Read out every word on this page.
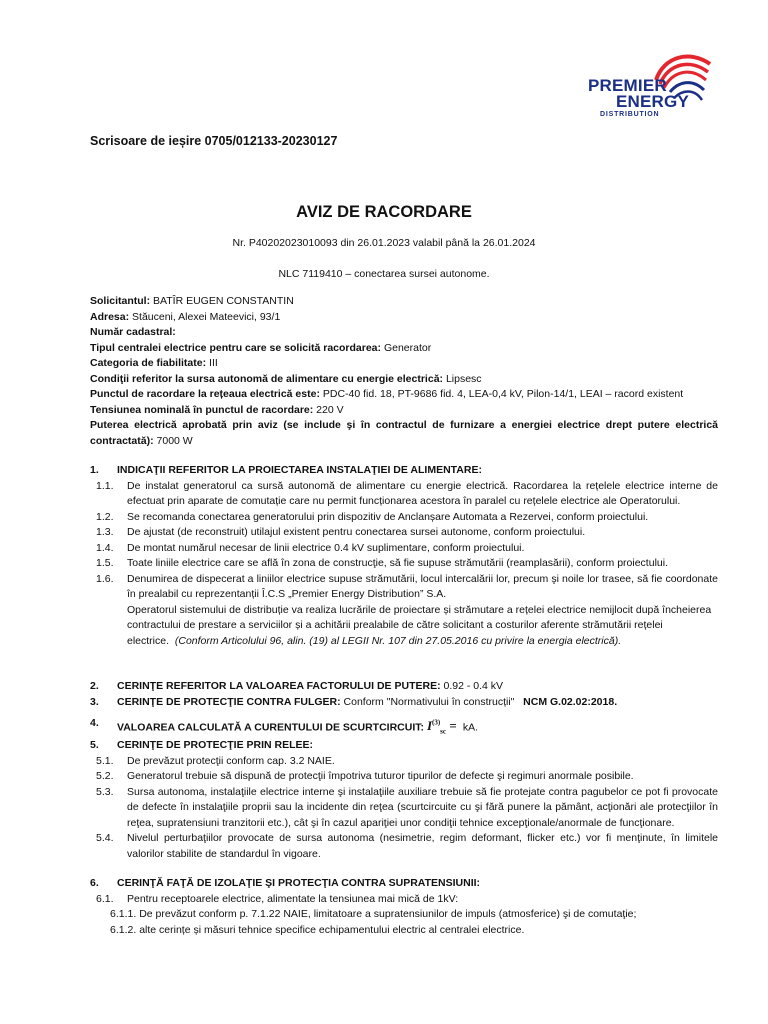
PREMIER
ENERGY
DISTRIBUTION
Scrisoare de ieșire 0705/012133-20230127
AVIZ DE RACORDARE
Nr. P40202023010093 din 26.01.2023 valabil până la 26.01.2024
NLC 7119410 – conectarea sursei autonome.

Solicitantul: BATÎR EUGEN CONSTANTIN

Adresa: Stăuceni, Alexei Mateevici, 93/1

Număr cadastral:

Tipul centralei electrice pentru care se solicită racordarea: Generator

Categoria de fiabilitate: III

Condiţii referitor la sursa autonomă de alimentare cu energie electrică: Lipsesc

Punctul de racordare la rețeaua electrică este: PDC-40 fid. 18, PT-9686 fid. 4, LEA-0,4 kV, Pilon-14/1, LEAI – racord existent

Tensiunea nominală în punctul de racordare: 220 V

Puterea electrică aprobată prin aviz (se include şi în contractul de furnizare a energiei electrice drept putere electrică contractată): 7000 W

1. INDICAŢII REFERITOR LA PROIECTAREA INSTALAŢIEI DE ALIMENTARE:

1.1. De instalat generatorul ca sursă autonomă de alimentare cu energie electrică. Racordarea la rețelele electrice interne de efectuat prin aparate de comutație care nu permit funcționarea acestora în paralel cu rețelele electrice ale Operatorului.

1.2. Se recomanda conectarea generatorului prin dispozitiv de Anclanșare Automata a Rezervei, conform proiectului.

1.3. De ajustat (de reconstruit) utilajul existent pentru conectarea sursei autonome, conform proiectului.

1.4. De montat numărul necesar de linii electrice 0.4 kV suplimentare, conform proiectului.

1.5. Toate liniile electrice care se află în zona de construcţie, să fie supuse strămutării (reamplasării), conform proiectului.

1.6. Denumirea de dispecerat a liniilor electrice supuse strămutării, locul intercalării lor, precum şi noile lor trasee, să fie coordonate în prealabil cu reprezentanții Î.C.S „Premier Energy Distribution” S.A.

Operatorul sistemului de distribuție va realiza lucrările de proiectare și strămutare a rețelei electrice nemijlocit după încheierea contractului de prestare a serviciilor și a achitării prealabile de către solicitant a costurilor aferente strămutării rețelei electrice. (Conform Articolului 96, alin. (19) al LEGII Nr. 107 din 27.05.2016 cu privire la energia electrică).

2. CERINŢE REFERITOR LA VALOAREA FACTORULUI DE PUTERE: 0.92 - 0.4 kV

3. CERINŢE DE PROTECŢIE CONTRA FULGER: Conform "Normativului în construcții" NCM G.02.02:2018.

4. VALOAREA CALCULATĂ A CURENTULUI DE SCURTCIRCUIT: $I^{(3)}_{sc}$ =  kA.

5. CERINŢE DE PROTECŢIE PRIN RELEE:

5.1. De prevăzut protecţii conform cap. 3.2 NAIE.

5.2. Generatorul trebuie să dispună de protecţii împotriva tuturor tipurilor de defecte şi regimuri anormale posibile.

5.3. Sursa autonoma, instalaţiile electrice interne şi instalaţiile auxiliare trebuie să fie protejate contra pagubelor ce pot fi provocate de defecte în instalaţiile proprii sau la incidente din reţea (scurtcircuite cu şi fără punere la pământ, acţionări ale protecţiilor în reţea, supratensiuni tranzitorii etc.), cât şi în cazul apariţiei unor condiţii tehnice excepţionale/anormale de funcţionare.

5.4. Nivelul perturbaţiilor provocate de sursa autonoma (nesimetrie, regim deformant, flicker etc.) vor fi menţinute, în limitele valorilor stabilite de standardul în vigoare.

6. CERINŢĂ FAŢĂ DE IZOLAŢIE ŞI PROTECŢIA CONTRA SUPRATENSIUNII:

6.1. Pentru receptoarele electrice, alimentate la tensiunea mai mică de 1kV:

6.1.1. De prevăzut conform p. 7.1.22 NAIE, limitatoare a supratensiunilor de impuls (atmosferice) şi de comutaţie;

6.1.2. alte cerințe și măsuri tehnice specifice echipamentului electric al centralei electrice.
